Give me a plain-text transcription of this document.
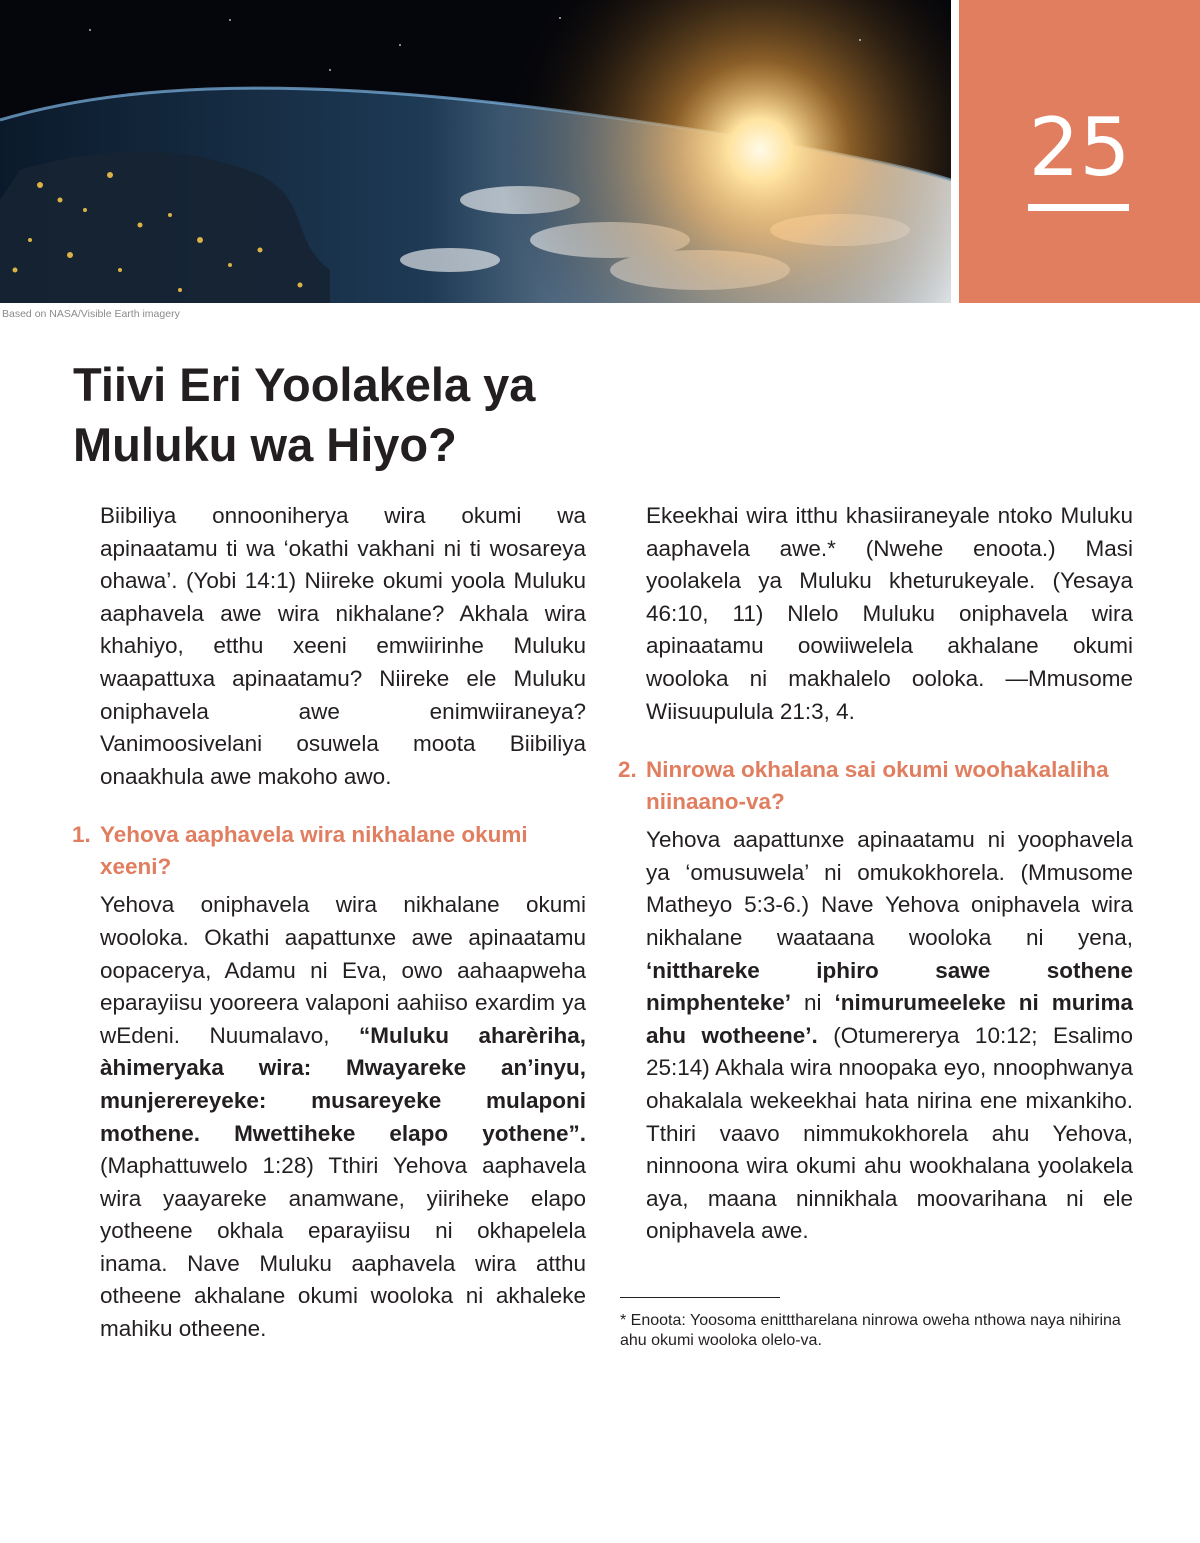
25
Based on NASA/Visible Earth imagery
Tiivi Eri Yoolakela ya
Muluku wa Hiyo?

Biibiliya onnooniherya wira okumi wa apinaatamu ti wa ‘okathi vakhani ni ti wosareya ohawa’. (Yobi 14:1) Niireke okumi yoola Muluku aaphavela awe wira nikhalane? Akhala wira khahiyo, etthu xeeni emwiirinhe Muluku waapattuxa apinaatamu? Niireke ele Muluku oniphavela awe enimwiiraneya? Vanimoosivelani osuwela moota Biibiliya onaakhula awe makoho awo.

1. Yehova aaphavela wira nikhalane okumi xeeni?

Yehova oniphavela wira nikhalane okumi wooloka. Okathi aapattunxe awe apinaatamu oopacerya, Adamu ni Eva, owo aahaapweha eparayiisu yooreera valaponi aahiiso exardim ya wEdeni. Nuumalavo, “Muluku aharèriha, àhimeryaka wira: Mwayareke an’inyu, munjerereyeke: musareyeke mulaponi mothene. Mwettiheke elapo yothene”. (Maphattuwelo 1:28) Tthiri Yehova aaphavela wira yaayareke anamwane, yiiriheke elapo yotheene okhala eparayiisu ni okhapelela inama. Nave Muluku aaphavela wira atthu otheene akhalane okumi wooloka ni akhaleke mahiku otheene.

Ekeekhai wira itthu khasiiraneyale ntoko Muluku aaphavela awe.* (Nwehe enoota.) Masi yoolakela ya Muluku kheturukeyale. (Yesaya 46:10, 11) Nlelo Muluku oniphavela wira apinaatamu oowiiwelela akhalane okumi wooloka ni makhalelo ooloka. —Mmusome Wiisuupulula 21:3, 4.

2. Ninrowa okhalana sai okumi woohakalaliha niinaano-va?

Yehova aapattunxe apinaatamu ni yoophavela ya ‘omusuwela’ ni omukokhorela. (Mmusome Matheyo 5:3-6.) Nave Yehova oniphavela wira nikhalane waataana wooloka ni yena, ‘nitthareke iphiro sawe sothene nimphenteke’ ni ‘nimurumeeleke ni murima ahu wotheene’. (Otumererya 10:12; Esalimo 25:14) Akhala wira nnoopaka eyo, nnoophwanya ohakalala wekeekhai hata nirina ene mixankiho. Tthiri vaavo nimmukokhorela ahu Yehova, ninnoona wira okumi ahu wookhalana yoolakela aya, maana ninnikhala moovarihana ni ele oniphavela awe.

* Enoota: Yoosoma enitttharelana ninrowa oweha nthowa naya nihirina ahu okumi wooloka olelo-va.
